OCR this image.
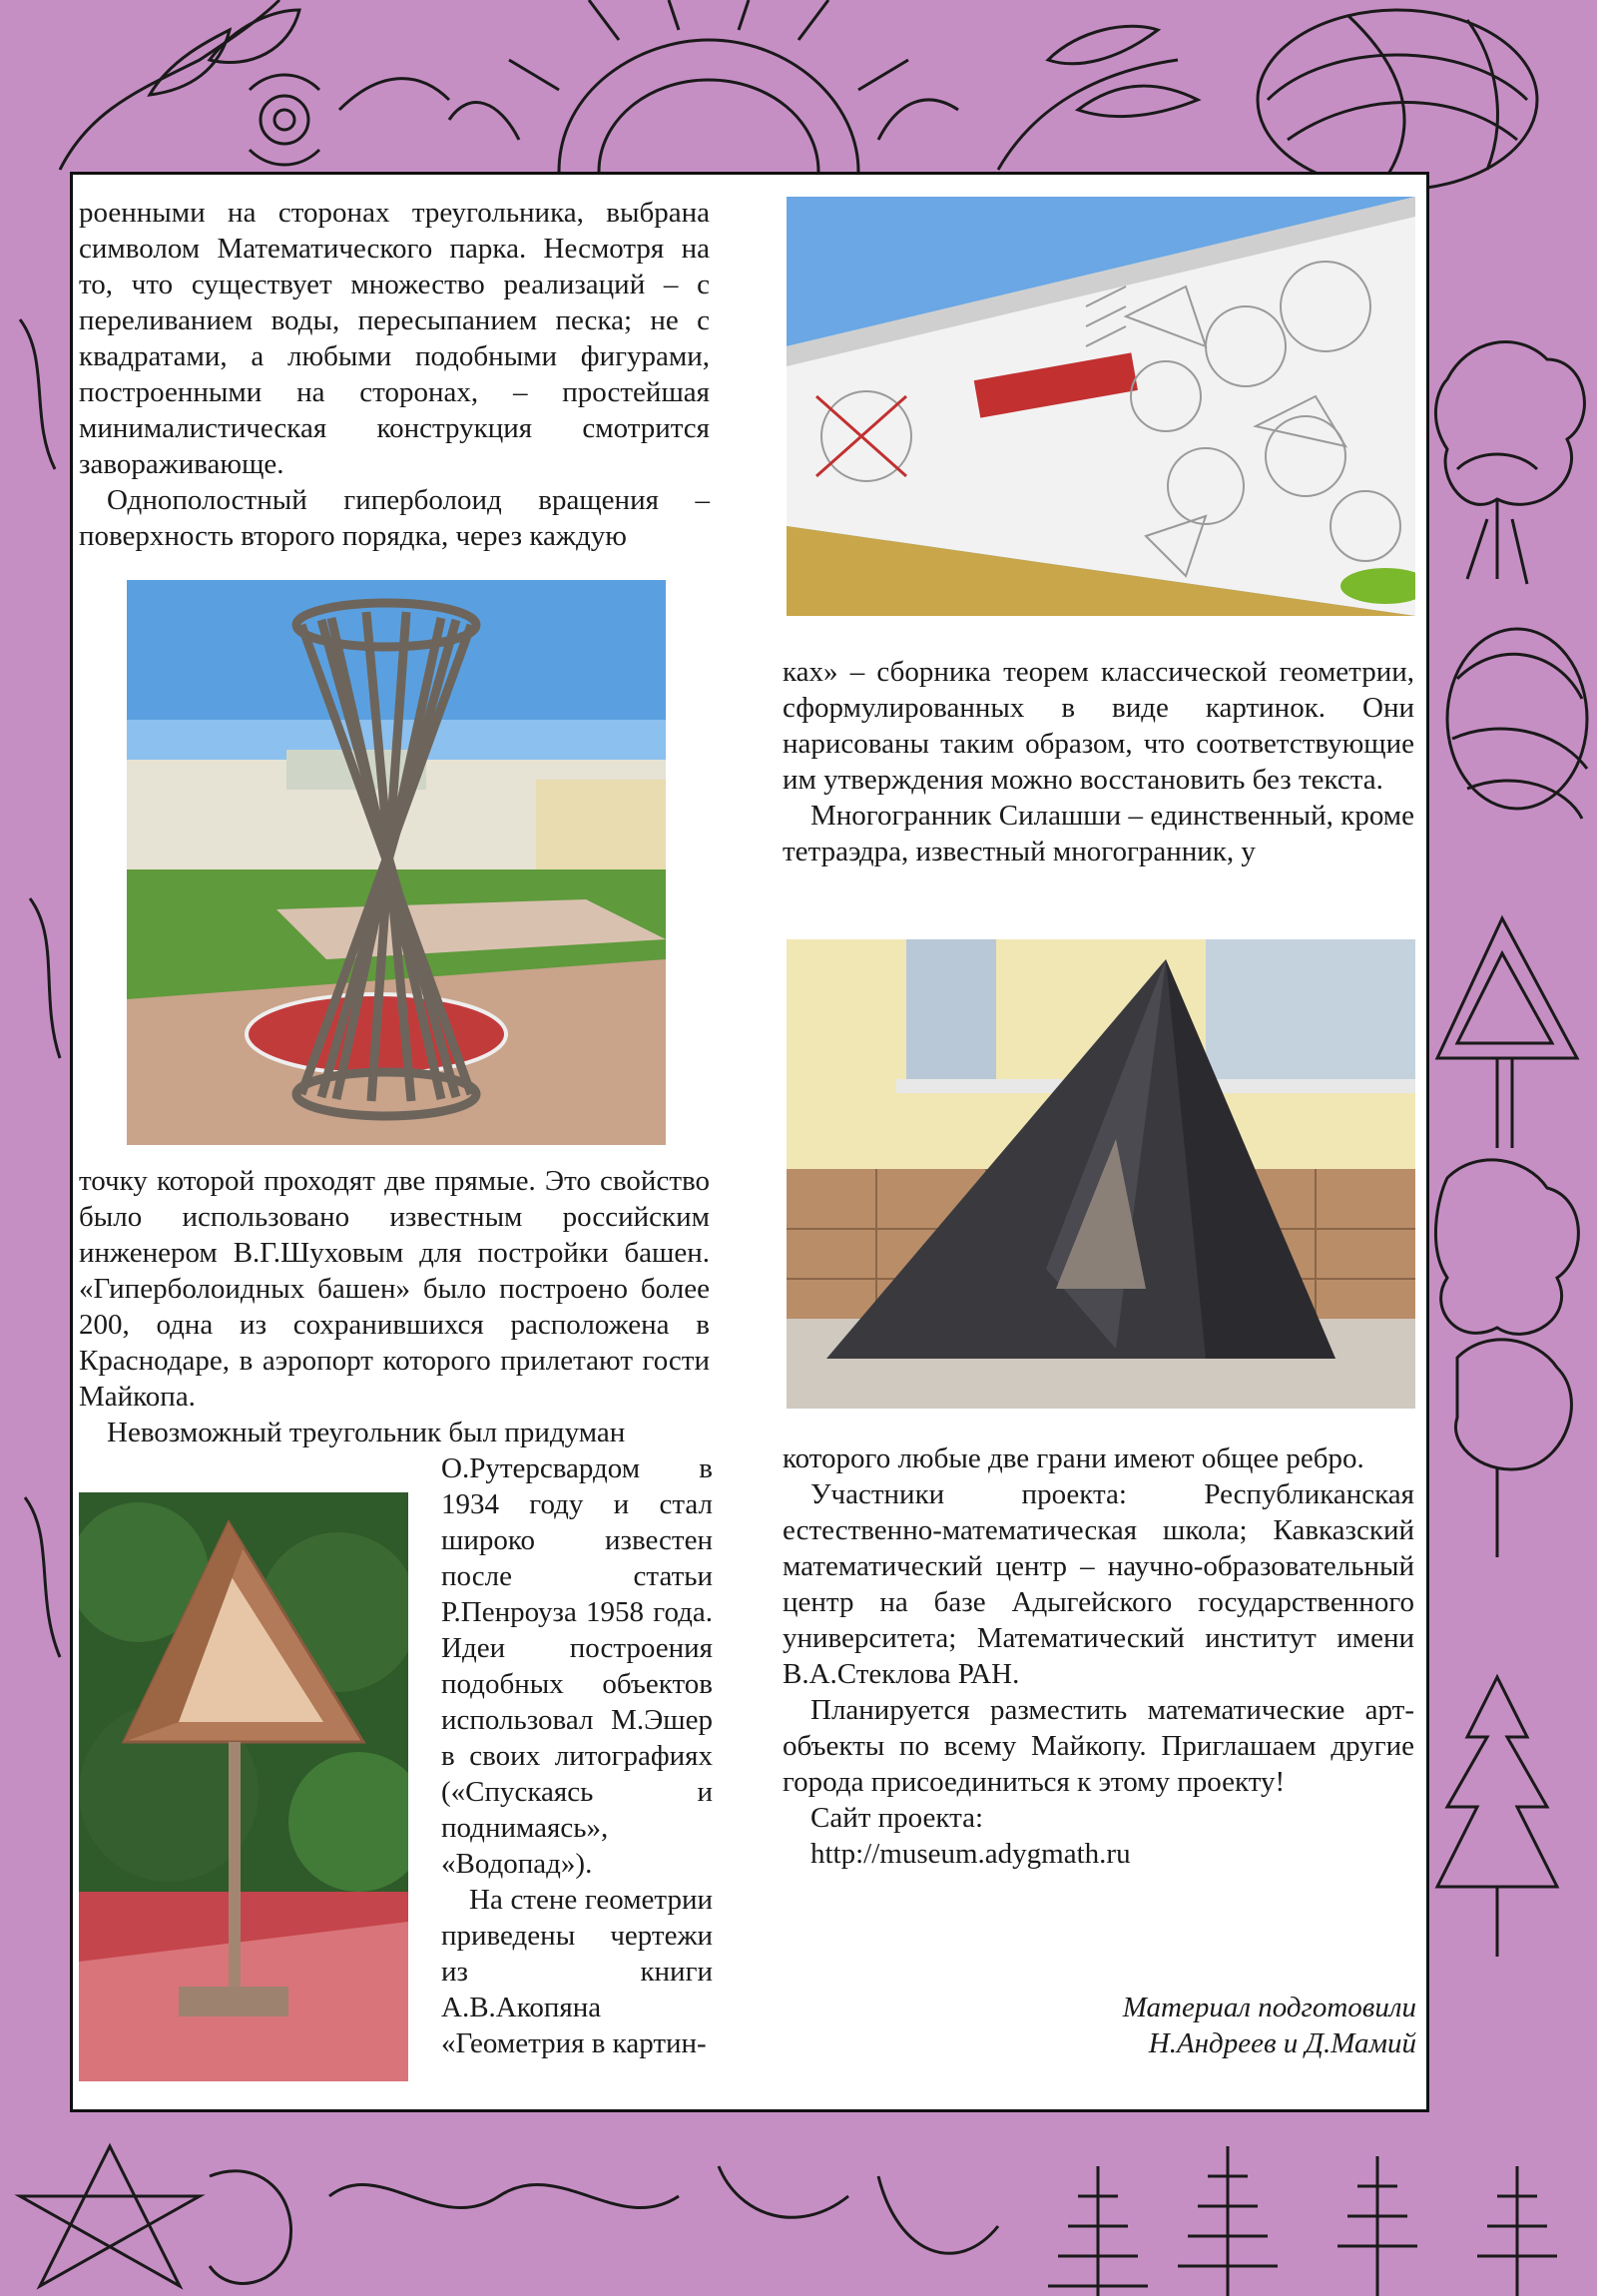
роенными на сторонах треугольника, выбрана символом Математического парка. Несмотря на то, что существует множество реализаций – с переливанием воды, пересыпанием песка; не с квадратами, а любыми подобными фигурами, построенными на сторонах, – простейшая минималистическая конструкция смотрится завораживающе.

Однополостный гиперболоид вращения – поверхность второго порядка, через каждую

точку которой проходят две прямые. Это свойство было использовано известным российским инженером В.Г.Шуховым для постройки башен. «Гиперболоидных башен» было построено более 200, одна из сохранившихся расположена в Краснодаре, в аэропорт которого прилетают гости Майкопа.

Невозможный треугольник был придуман

О.Рутерсвардом в 1934 году и стал широко известен после статьи Р.Пенроуза 1958 года. Идеи построения подобных объектов использовал М.Эшер в своих литографиях («Спускаясь и поднимаясь», «Водопад»).

На стене геометрии приведены чертежи из книги А.В.Акопяна «Геометрия в картин-

ках» – сборника теорем классической геометрии, сформулированных в виде картинок. Они нарисованы таким образом, что соответствующие им утверждения можно восстановить без текста.

Многогранник Силашши – единственный, кроме тетраэдра, известный многогранник, у

которого любые две грани имеют общее ребро.

Участники проекта: Республиканская естественно-математическая школа; Кавказский математический центр – научно-образовательный центр на базе Адыгейского государственного университета; Математический институт имени В.А.Стеклова РАН.

Планируется разместить математические арт-объекты по всему Майкопу. Приглашаем другие города присоединиться к этому проекту!

Сайт проекта:

http://museum.adygmath.ru

Материал подготовили
Н.Андреев и Д.Мамий
